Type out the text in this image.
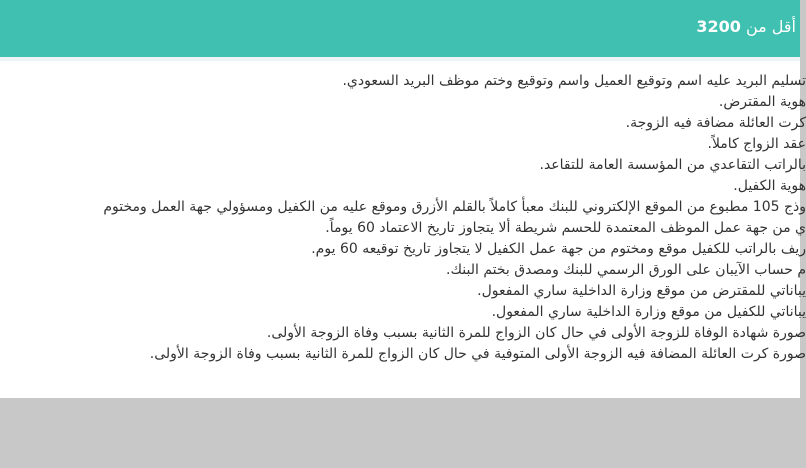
أقل من 3200
تسليم البريد عليه اسم وتوقيع العميل واسم وتوقيع وختم موظف البريد السعودي.
هوية المقترض.
كرت العائلة مضافة فيه الزوجة.
عقد الزواج كاملاً.
بالراتب التقاعدي من المؤسسة العامة للتقاعد.
هوية الكفيل.
وذج 105 مطبوع من الموقع الإلكتروني للبنك معبأ كاملاً بالقلم الأزرق وموقع عليه من الكفيل ومسؤولي جهة العمل ومختوم
ي من جهة عمل الموظف المعتمدة للحسم شريطة ألا يتجاوز تاريخ الاعتماد 60 يوماً.
ريف بالراتب للكفيل موقع ومختوم من جهة عمل الكفيل لا يتجاوز تاريخ توقيعه 60 يوم.
م حساب الآيبان على الورق الرسمي للبنك ومصدق بختم البنك.
يباناتي للمقترض من موقع وزارة الداخلية ساري المفعول.
يباناتي للكفيل من موقع وزارة الداخلية ساري المفعول.
صورة شهادة الوفاة للزوجة الأولى في حال كان الزواج للمرة الثانية بسبب وفاة الزوجة الأولى.
صورة كرت العائلة المضافة فيه الزوجة الأولى المتوفية في حال كان الزواج للمرة الثانية بسبب وفاة الزوجة الأولى.
